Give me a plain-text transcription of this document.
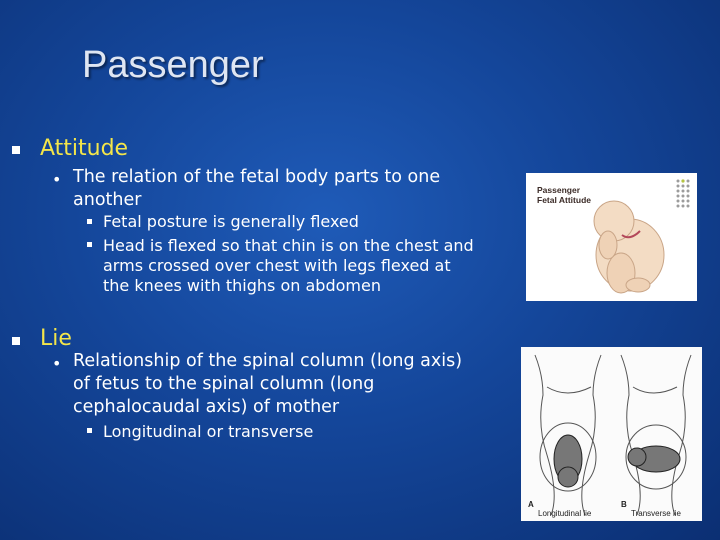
Passenger

Attitude

• The relation of the fetal body parts to one
another
Fetal posture is generally flexed
Head is flexed so that chin is on the chest and
arms crossed over chest with legs flexed at
the knees with thighs on abdomen

Lie

• Relationship of the spinal column (long axis)
of fetus to the spinal column (long
cephalocaudal axis) of mother
Longitudinal or transverse
Passenger
Fetal Attitude
A
Longitudinal lie
B
Transverse lie
